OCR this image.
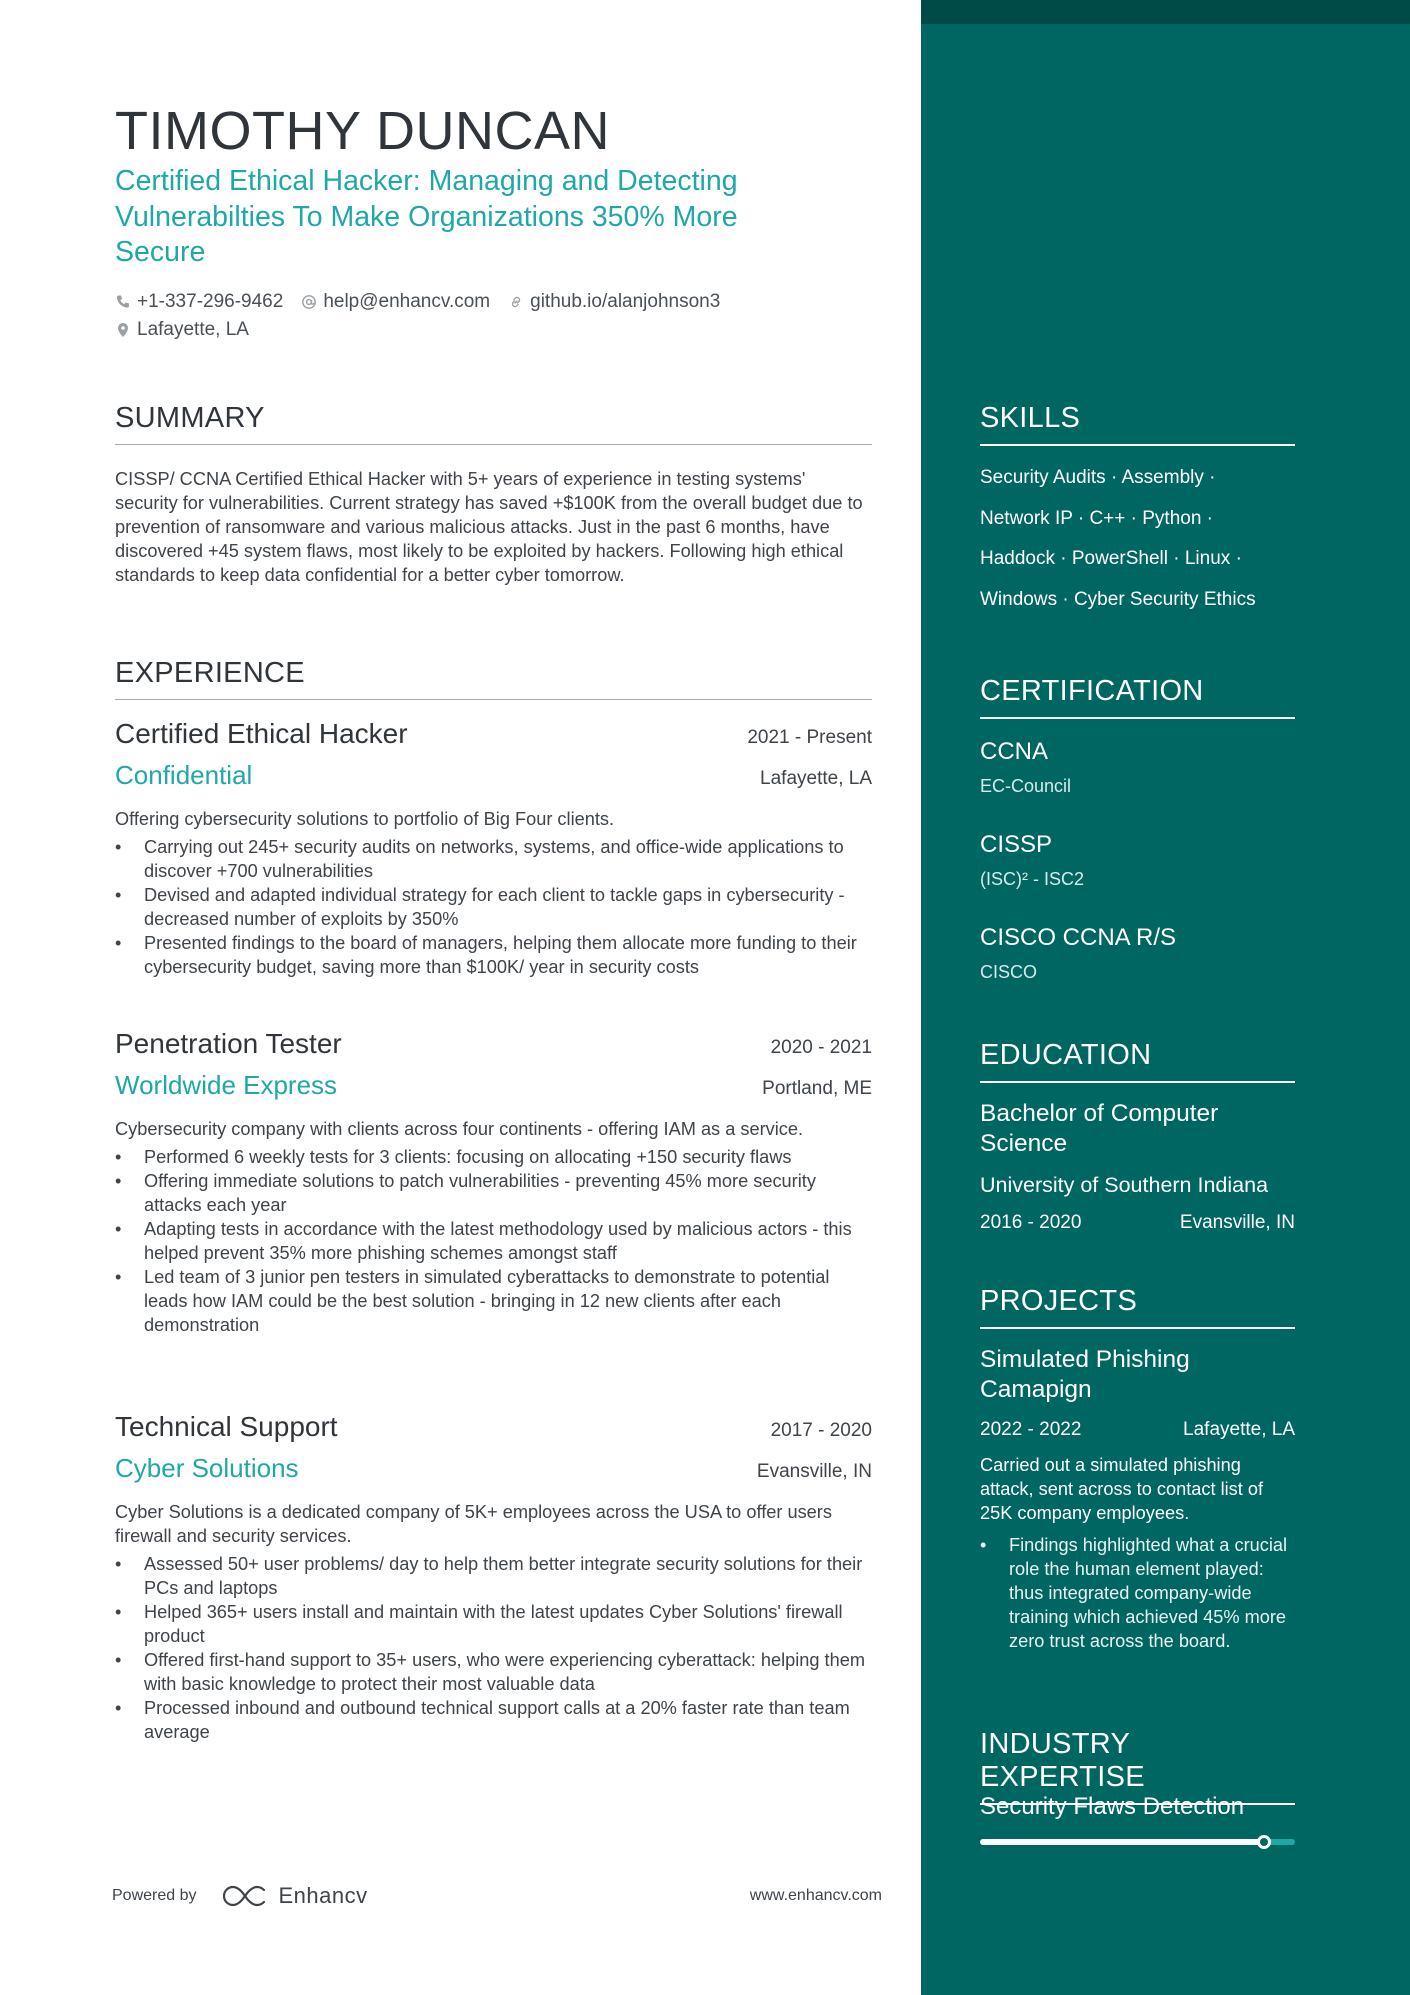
TIMOTHY DUNCAN
Certified Ethical Hacker: Managing and Detecting Vulnerabilties To Make Organizations 350% More Secure
+1-337-296-9462 help@enhancv.com github.io/alanjohnson3
Lafayette, LA
SUMMARY
CISSP/ CCNA Certified Ethical Hacker with 5+ years of experience in testing systems' security for vulnerabilities. Current strategy has saved +$100K from the overall budget due to prevention of ransomware and various malicious attacks. Just in the past 6 months, have discovered +45 system flaws, most likely to be exploited by hackers. Following high ethical standards to keep data confidential for a better cyber tomorrow.
EXPERIENCE
Certified Ethical Hacker	2021 - Present
Confidential	Lafayette, LA
Offering cybersecurity solutions to portfolio of Big Four clients.
• Carrying out 245+ security audits on networks, systems, and office-wide applications to discover +700 vulnerabilities
• Devised and adapted individual strategy for each client to tackle gaps in cybersecurity - decreased number of exploits by 350%
• Presented findings to the board of managers, helping them allocate more funding to their cybersecurity budget, saving more than $100K/ year in security costs
Penetration Tester	2020 - 2021
Worldwide Express	Portland, ME
Cybersecurity company with clients across four continents - offering IAM as a service.
• Performed 6 weekly tests for 3 clients: focusing on allocating +150 security flaws
• Offering immediate solutions to patch vulnerabilities - preventing 45% more security attacks each year
• Adapting tests in accordance with the latest methodology used by malicious actors - this helped prevent 35% more phishing schemes amongst staff
• Led team of 3 junior pen testers in simulated cyberattacks to demonstrate to potential leads how IAM could be the best solution - bringing in 12 new clients after each demonstration
Technical Support	2017 - 2020
Cyber Solutions	Evansville, IN
Cyber Solutions is a dedicated company of 5K+ employees across the USA to offer users firewall and security services.
• Assessed 50+ user problems/ day to help them better integrate security solutions for their PCs and laptops
• Helped 365+ users install and maintain with the latest updates Cyber Solutions' firewall product
• Offered first-hand support to 35+ users, who were experiencing cyberattack: helping them with basic knowledge to protect their most valuable data
• Processed inbound and outbound technical support calls at a 20% faster rate than team average
Powered by	Enhancv	www.enhancv.com
SKILLS
Security Audits · Assembly ·
Network IP · C++ · Python ·
Haddock · PowerShell · Linux ·
Windows · Cyber Security Ethics
CERTIFICATION
CCNA
EC-Council
CISSP
(ISC)² - ISC2
CISCO CCNA R/S
CISCO
EDUCATION
Bachelor of Computer Science
University of Southern Indiana
2016 - 2020	Evansville, IN
PROJECTS
Simulated Phishing Camapign
2022 - 2022	Lafayette, LA
Carried out a simulated phishing attack, sent across to contact list of 25K company employees.
• Findings highlighted what a crucial role the human element played: thus integrated company-wide training which achieved 45% more zero trust across the board.
INDUSTRY EXPERTISE
Security Flaws Detection
